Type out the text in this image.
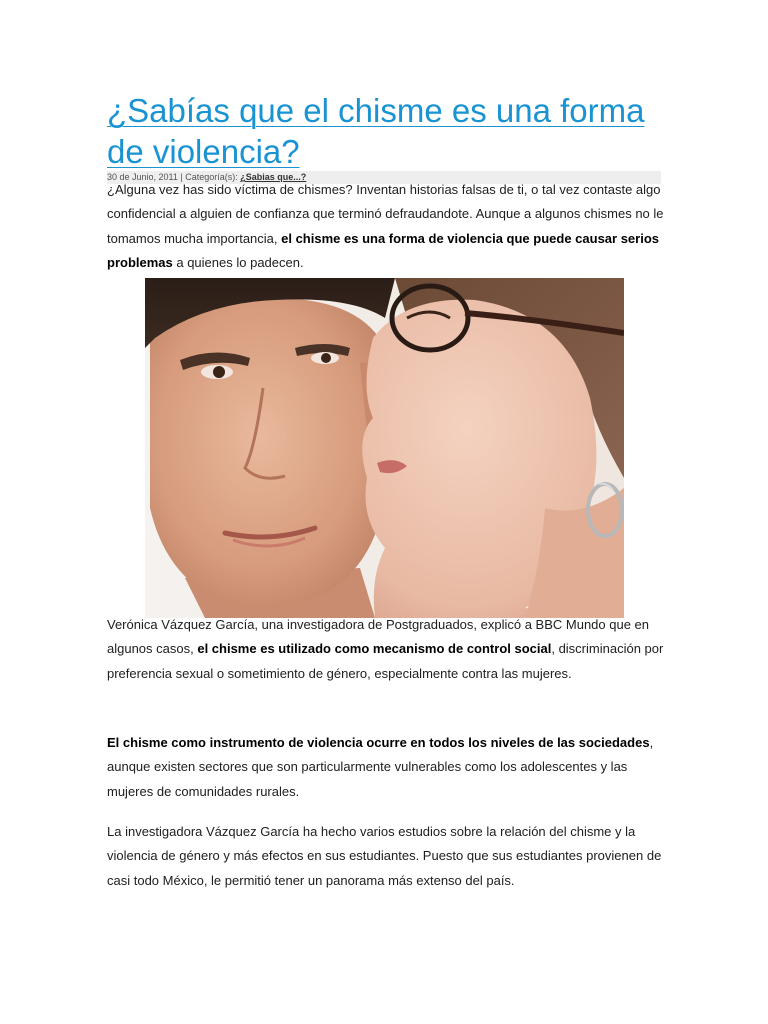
¿Sabías que el chisme es una forma de violencia?
30 de Junio, 2011 | Categoría(s): ¿Sabias que...?

¿Alguna vez has sido víctima de chismes? Inventan historias falsas de ti, o tal vez contaste algo confidencial a alguien de confianza que terminó defraudandote. Aunque a algunos chismes no le tomamos mucha importancia, el chisme es una forma de violencia que puede causar serios problemas a quienes lo padecen.

Verónica Vázquez García, una investigadora de Postgraduados, explicó a BBC Mundo que en algunos casos, el chisme es utilizado como mecanismo de control social, discriminación por preferencia sexual o sometimiento de género, especialmente contra las mujeres.

El chisme como instrumento de violencia ocurre en todos los niveles de las sociedades, aunque existen sectores que son particularmente vulnerables como los adolescentes y las mujeres de comunidades rurales.

La investigadora Vázquez García ha hecho varios estudios sobre la relación del chisme y la violencia de género y más efectos en sus estudiantes. Puesto que sus estudiantes provienen de casi todo México, le permitió tener un panorama más extenso del país.
